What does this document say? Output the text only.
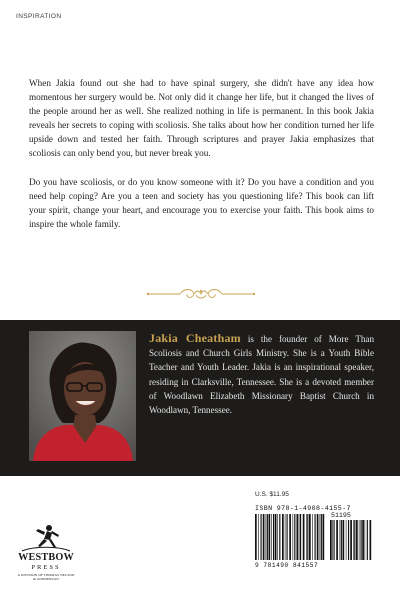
INSPIRATION

When Jakia found out she had to have spinal surgery, she didn't have any idea how momentous her surgery would be. Not only did it change her life, but it changed the lives of the people around her as well. She realized nothing in life is permanent. In this book Jakia reveals her secrets to coping with scoliosis. She talks about how her condition turned her life upside down and tested her faith. Through scriptures and prayer Jakia emphasizes that scoliosis can only bend you, but never break you.

Do you have scoliosis, or do you know someone with it? Do you have a condition and you need help coping? Are you a teen and society has you questioning life? This book can lift your spirit, change your heart, and encourage you to exercise your faith. This book aims to inspire the whole family.

Jakia Cheatham is the founder of More Than Scoliosis and Church Girls Ministry. She is a Youth Bible Teacher and Youth Leader. Jakia is an inspirational speaker, residing in Clarksville, Tennessee. She is a devoted member of Woodlawn Elizabeth Missionary Baptist Church in Woodlawn, Tennessee.
WESTBOW
PRESS
A DIVISION OF THOMAS NELSON
& ZONDERVAN
U.S. $11.95
ISBN 978-1-4908-4155-7
51195
9 781490 841557
